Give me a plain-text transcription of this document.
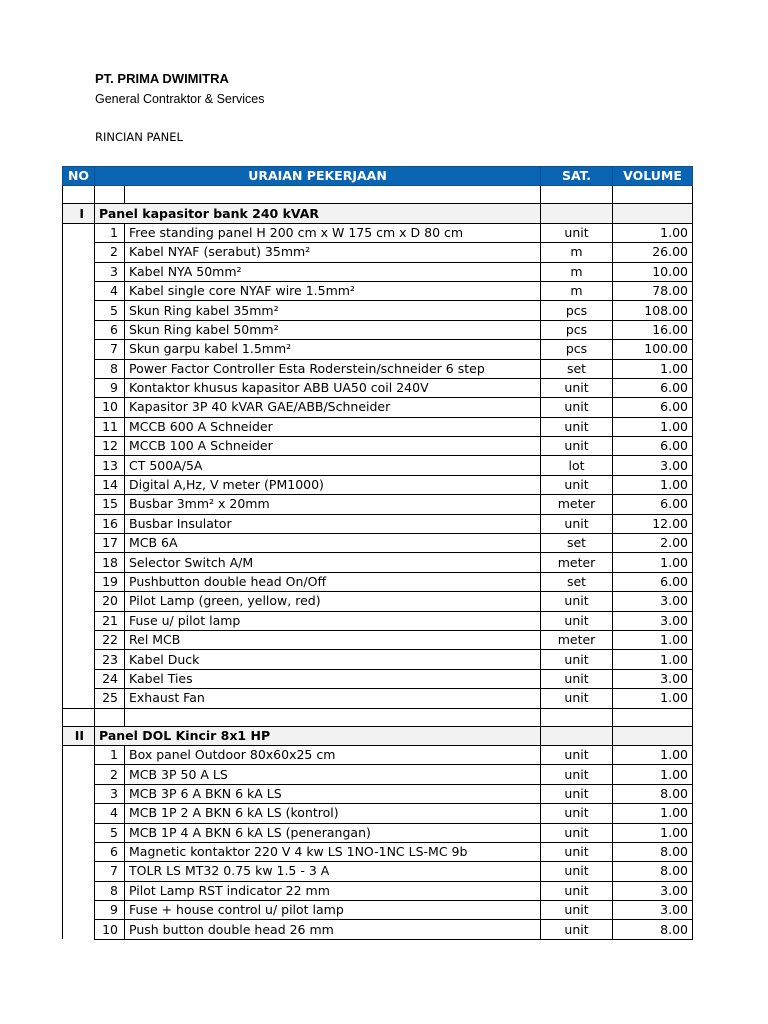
PT. PRIMA DWIMITRA
General Contraktor & Services
RINCIAN PANEL
NO	URAIAN PEKERJAAN		SAT.	VOLUME

I	Panel kapasitor bank 240 kVAR			
	1	Free standing panel H 200 cm x W 175 cm x D 80 cm	unit	1.00
	2	Kabel NYAF (serabut) 35mm²	m	26.00
	3	Kabel NYA 50mm²	m	10.00
	4	Kabel single core NYAF wire 1.5mm²	m	78.00
	5	Skun Ring kabel 35mm²	pcs	108.00
	6	Skun Ring kabel 50mm²	pcs	16.00
	7	Skun garpu kabel 1.5mm²	pcs	100.00
	8	Power Factor Controller Esta Roderstein/schneider 6 step	set	1.00
	9	Kontaktor khusus kapasitor ABB UA50 coil 240V	unit	6.00
	10	Kapasitor 3P 40 kVAR GAE/ABB/Schneider	unit	6.00
	11	MCCB 600 A Schneider	unit	1.00
	12	MCCB 100 A Schneider	unit	6.00
	13	CT 500A/5A	lot	3.00
	14	Digital A,Hz, V meter (PM1000)	unit	1.00
	15	Busbar 3mm² x 20mm	meter	6.00
	16	Busbar Insulator	unit	12.00
	17	MCB 6A	set	2.00
	18	Selector Switch A/M	meter	1.00
	19	Pushbutton double head On/Off	set	6.00
	20	Pilot Lamp (green, yellow, red)	unit	3.00
	21	Fuse u/ pilot lamp	unit	3.00
	22	Rel MCB	meter	1.00
	23	Kabel Duck	unit	1.00
	24	Kabel Ties	unit	3.00
	25	Exhaust Fan	unit	1.00

II	Panel DOL Kincir 8x1 HP			
	1	Box panel Outdoor 80x60x25 cm	unit	1.00
	2	MCB 3P 50 A LS	unit	1.00
	3	MCB 3P 6 A BKN 6 kA LS	unit	8.00
	4	MCB 1P 2 A BKN 6 kA LS (kontrol)	unit	1.00
	5	MCB 1P 4 A BKN 6 kA LS (penerangan)	unit	1.00
	6	Magnetic kontaktor 220 V 4 kw LS 1NO-1NC LS-MC 9b	unit	8.00
	7	TOLR LS MT32 0.75 kw 1.5 - 3 A	unit	8.00
	8	Pilot Lamp RST indicator 22 mm	unit	3.00
	9	Fuse + house control u/ pilot lamp	unit	3.00
	10	Push button double head 26 mm	unit	8.00
